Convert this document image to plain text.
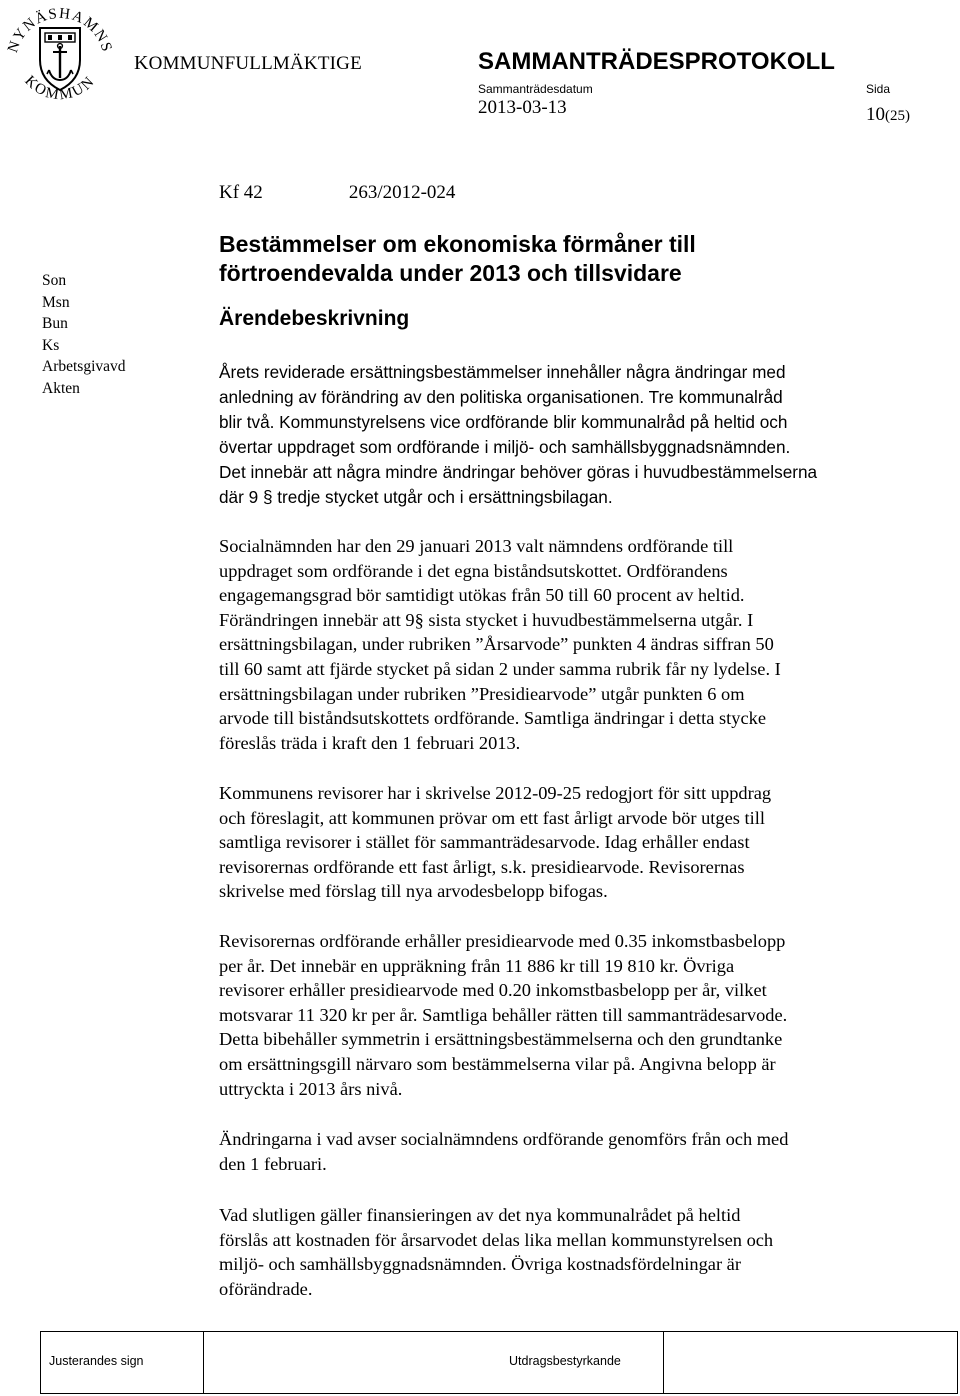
NYNÄSHAMNS
KOMMUN
KOMMUNFULLMÄKTIGE	SAMMANTRÄDESPROTOKOLL
Sammanträdesdatum
2013-03-13
Sida
10(25)
Son
Msn
Bun
Ks
Arbetsgivavd
Akten
Kf 42	263/2012-024
Bestämmelser om ekonomiska förmåner till
förtroendevalda under 2013 och tillsvidare
Ärendebeskrivning
Årets reviderade ersättningsbestämmelser innehåller några ändringar med
anledning av förändring av den politiska organisationen. Tre kommunalråd
blir två. Kommunstyrelsens vice ordförande blir kommunalråd på heltid och
övertar uppdraget som ordförande i miljö- och samhällsbyggnadsnämnden.
Det innebär att några mindre ändringar behöver göras i huvudbestämmelserna
där 9 § tredje stycket utgår och i ersättningsbilagan.
Socialnämnden har den 29 januari 2013 valt nämndens ordförande till
uppdraget som ordförande i det egna biståndsutskottet. Ordförandens
engagemangsgrad bör samtidigt utökas från 50 till 60 procent av heltid.
Förändringen innebär att 9§ sista stycket i huvudbestämmelserna utgår. I
ersättningsbilagan, under rubriken ”Årsarvode” punkten 4 ändras siffran 50
till 60 samt att fjärde stycket på sidan 2 under samma rubrik får ny lydelse. I
ersättningsbilagan under rubriken ”Presidiearvode” utgår punkten 6 om
arvode till biståndsutskottets ordförande. Samtliga ändringar i detta stycke
föreslås träda i kraft den 1 februari 2013.
Kommunens revisorer har i skrivelse 2012-09-25 redogjort för sitt uppdrag
och föreslagit, att kommunen prövar om ett fast årligt arvode bör utges till
samtliga revisorer i stället för sammanträdesarvode. Idag erhåller endast
revisorernas ordförande ett fast årligt, s.k. presidiearvode. Revisorernas
skrivelse med förslag till nya arvodesbelopp bifogas.
Revisorernas ordförande erhåller presidiearvode med 0.35 inkomstbasbelopp
per år. Det innebär en uppräkning från 11 886 kr till 19 810 kr. Övriga
revisorer erhåller presidiearvode med 0.20 inkomstbasbelopp per år, vilket
motsvarar 11 320 kr per år. Samtliga behåller rätten till sammanträdesarvode.
Detta bibehåller symmetrin i ersättningsbestämmelserna och den grundtanke
om ersättningsgill närvaro som bestämmelserna vilar på. Angivna belopp är
uttryckta i 2013 års nivå.
Ändringarna i vad avser socialnämndens ordförande genomförs från och med
den 1 februari.
Vad slutligen gäller finansieringen av det nya kommunalrådet på heltid
förslås att kostnaden för årsarvodet delas lika mellan kommunstyrelsen och
miljö- och samhällsbyggnadsnämnden. Övriga kostnadsfördelningar är
oförändrade.
Justerandes sign	Utdragsbestyrkande
